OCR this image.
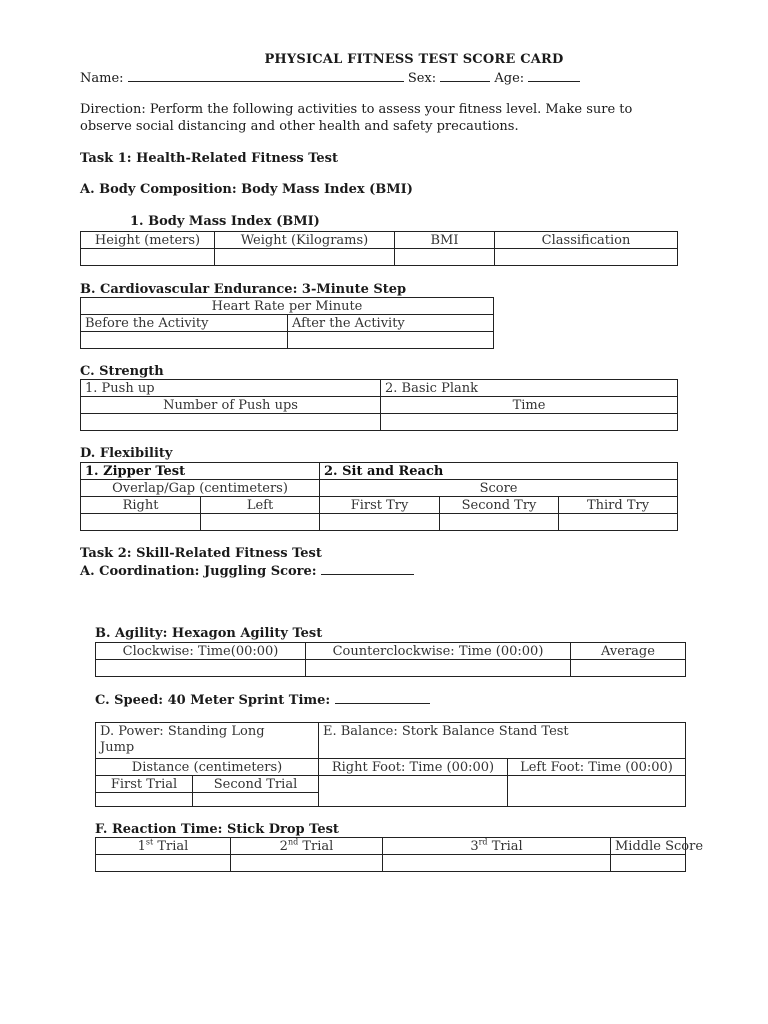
PHYSICAL FITNESS TEST SCORE CARD
Name:	Sex:	Age:
Direction: Perform the following activities to assess your fitness level. Make sure to
observe social distancing and other health and safety precautions.
Task 1: Health-Related Fitness Test
A. Body Composition: Body Mass Index (BMI)
1. Body Mass Index (BMI)
Height (meters)	Weight (Kilograms)	BMI	Classification

B. Cardiovascular Endurance: 3-Minute Step
Heart Rate per Minute	
Before the Activity	After the Activity

C. Strength
1. Push up	2. Basic Plank
Number of Push ups	Time

D. Flexibility
1. Zipper Test		2. Sit and Reach		
Overlap/Gap (centimeters)		Score		
Right	Left	First Try	Second Try	Third Try

Task 2: Skill-Related Fitness Test
A. Coordination: Juggling Score:
B. Agility: Hexagon Agility Test
Clockwise: Time(00:00)	Counterclockwise: Time (00:00)	Average

C. Speed: 40 Meter Sprint Time:
D. Power: Standing Long
Jump		E. Balance: Stork Balance Stand Test	
Distance (centimeters)		Right Foot: Time (00:00)	Left Foot: Time (00:00)
First Trial	Second Trial		

F. Reaction Time: Stick Drop Test
1st Trial	2nd Trial	3rd Trial	Middle Score
